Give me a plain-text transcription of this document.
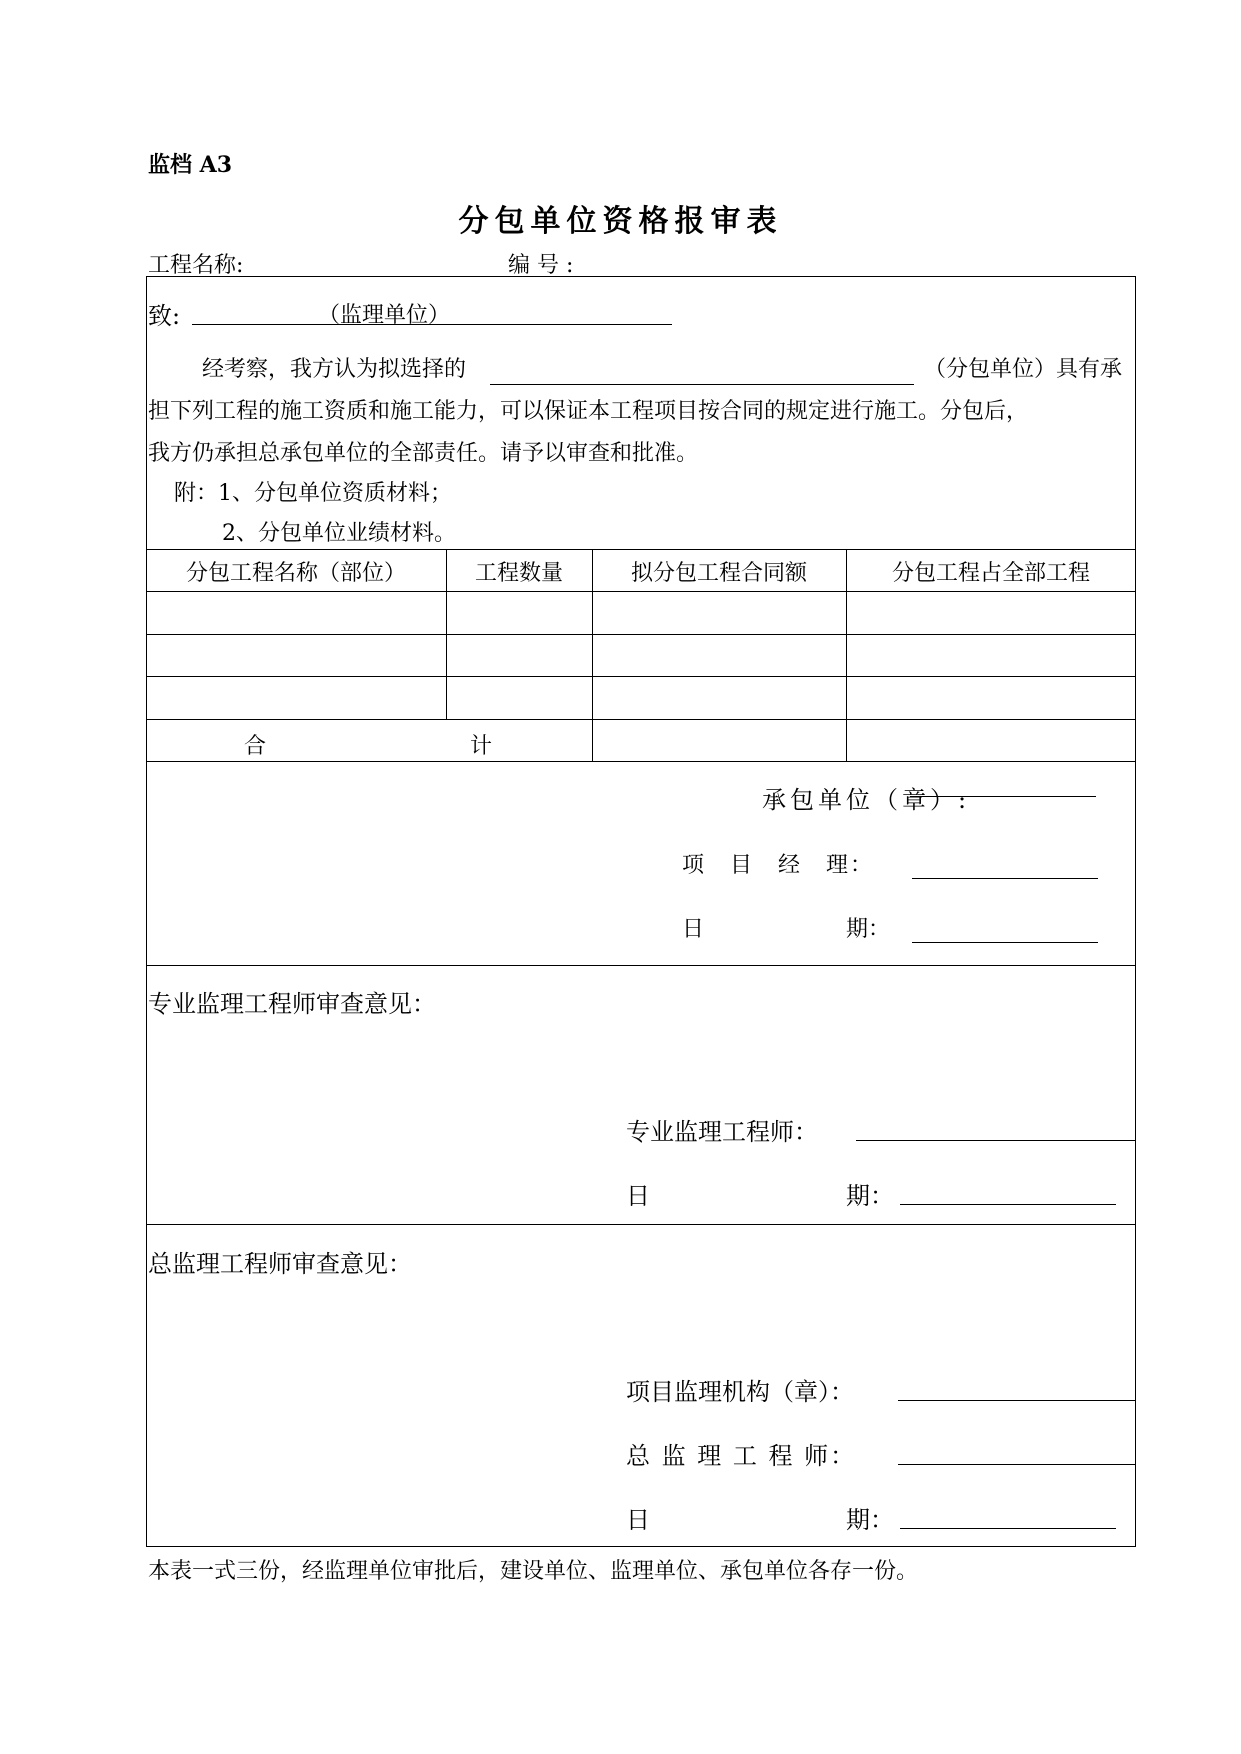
监档 A3
分包单位资格报审表
工程名称:	编 号 :
致:	（监理单位）
经考察，我方认为拟选择的	（分包单位）具有承
担下列工程的施工资质和施工能力，可以保证本工程项目按合同的规定进行施工。分包后，
我方仍承担总承包单位的全部责任。请予以审查和批准。
附：1、分包单位资质材料；
2、分包单位业绩材料。
分包工程名称（部位）	工程数量	拟分包工程合同额	分包工程占全部工程
合	计
承包单位（章）:
项　目　经　理：
日	期：
专业监理工程师审查意见：
专业监理工程师：
日	期：
总监理工程师审查意见：
项目监理机构（章）：
总 监 理 工 程 师：
日	期：
本表一式三份，经监理单位审批后，建设单位、监理单位、承包单位各存一份。
